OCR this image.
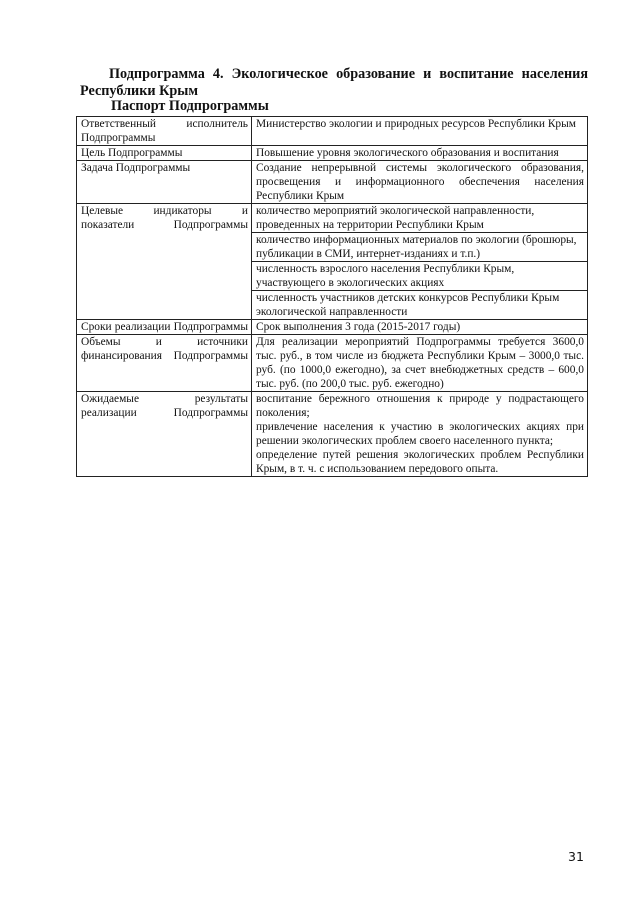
Подпрограмма 4. Экологическое образование и воспитание населения Республики Крым
Паспорт Подпрограммы
Ответственный исполнитель Подпрограммы	Министерство экологии и природных ресурсов Республики Крым
Цель Подпрограммы	Повышение уровня экологического образования и воспитания
Задача Подпрограммы	Создание непрерывной системы экологического образования, просвещения и информационного обеспечения населения Республики Крым
Целевые индикаторы и показатели Подпрограммы	количество мероприятий экологической направленности, проведенных на территории Республики Крым
	количество информационных материалов по экологии (брошюры, публикации в СМИ, интернет-изданиях и т.п.)
	численность взрослого населения Республики Крым, участвующего в экологических акциях
	численность участников детских конкурсов Республики Крым экологической направленности
Сроки реализации Подпрограммы	Срок выполнения 3 года (2015-2017 годы)
Объемы и источники финансирования Подпрограммы	Для реализации мероприятий Подпрограммы требуется 3600,0 тыс. руб., в том числе из бюджета Республики Крым – 3000,0 тыс. руб. (по 1000,0 ежегодно), за счет внебюджетных средств – 600,0 тыс. руб. (по 200,0 тыс. руб. ежегодно)
Ожидаемые результаты реализации Подпрограммы	воспитание бережного отношения к природе у подрастающего поколения;
привлечение населения к участию в экологических акциях при решении экологических проблем своего населенного пункта;
определение путей решения экологических проблем Республики Крым, в т. ч. с использованием передового опыта.

31
